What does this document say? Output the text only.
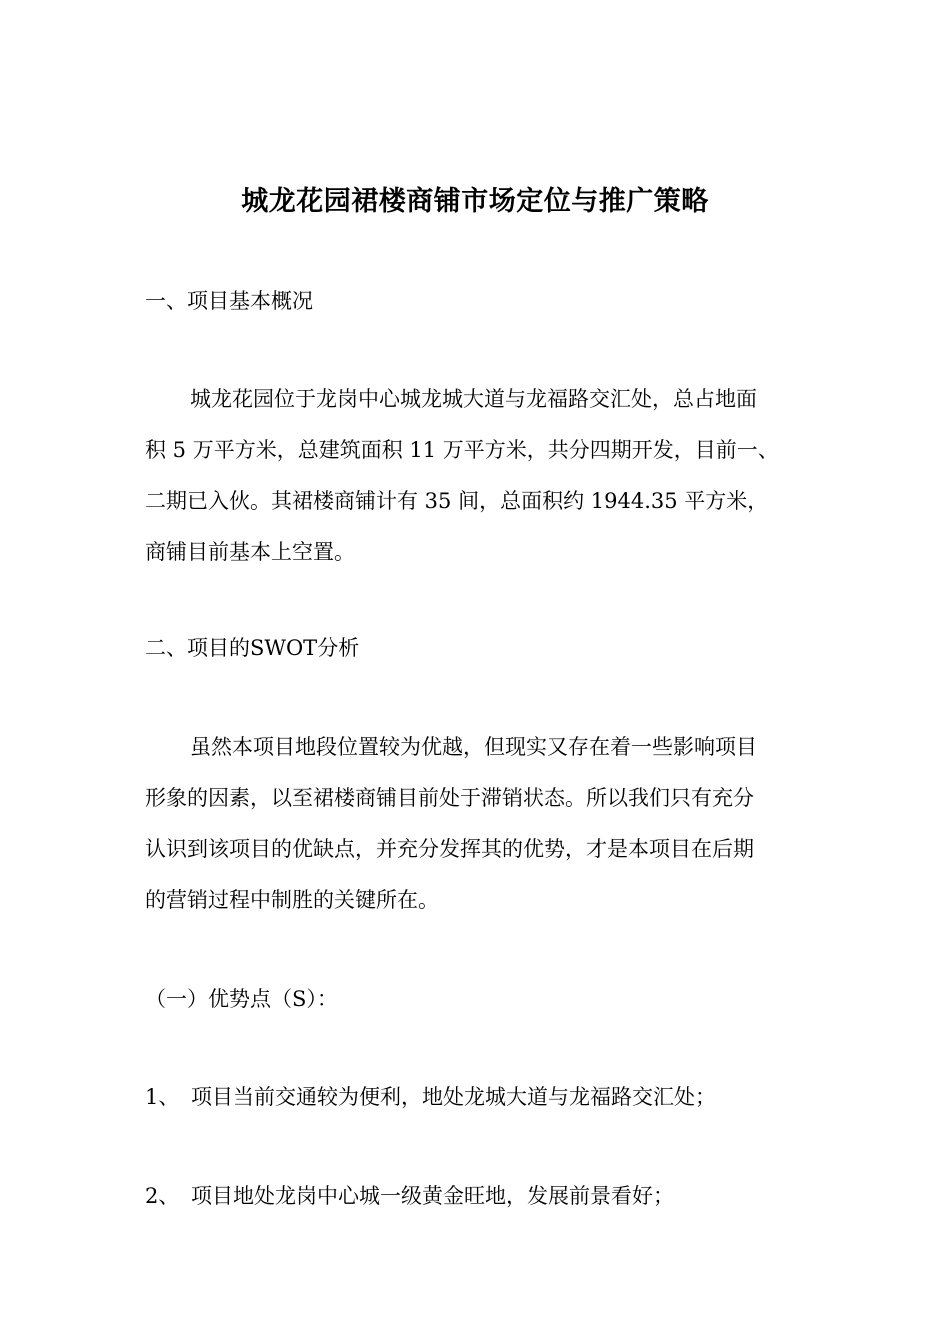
城龙花园裙楼商铺市场定位与推广策略
一、项目基本概况
城龙花园位于龙岗中心城龙城大道与龙福路交汇处，总占地面
积 5 万平方米，总建筑面积 11 万平方米，共分四期开发，目前一、
二期已入伙。其裙楼商铺计有 35 间，总面积约 1944.35 平方米，
商铺目前基本上空置。
二、项目的SWOT分析
虽然本项目地段位置较为优越，但现实又存在着一些影响项目
形象的因素，以至裙楼商铺目前处于滞销状态。所以我们只有充分
认识到该项目的优缺点，并充分发挥其的优势，才是本项目在后期
的营销过程中制胜的关键所在。
（一）优势点（S）：
1、 项目当前交通较为便利，地处龙城大道与龙福路交汇处；
2、 项目地处龙岗中心城一级黄金旺地，发展前景看好；
